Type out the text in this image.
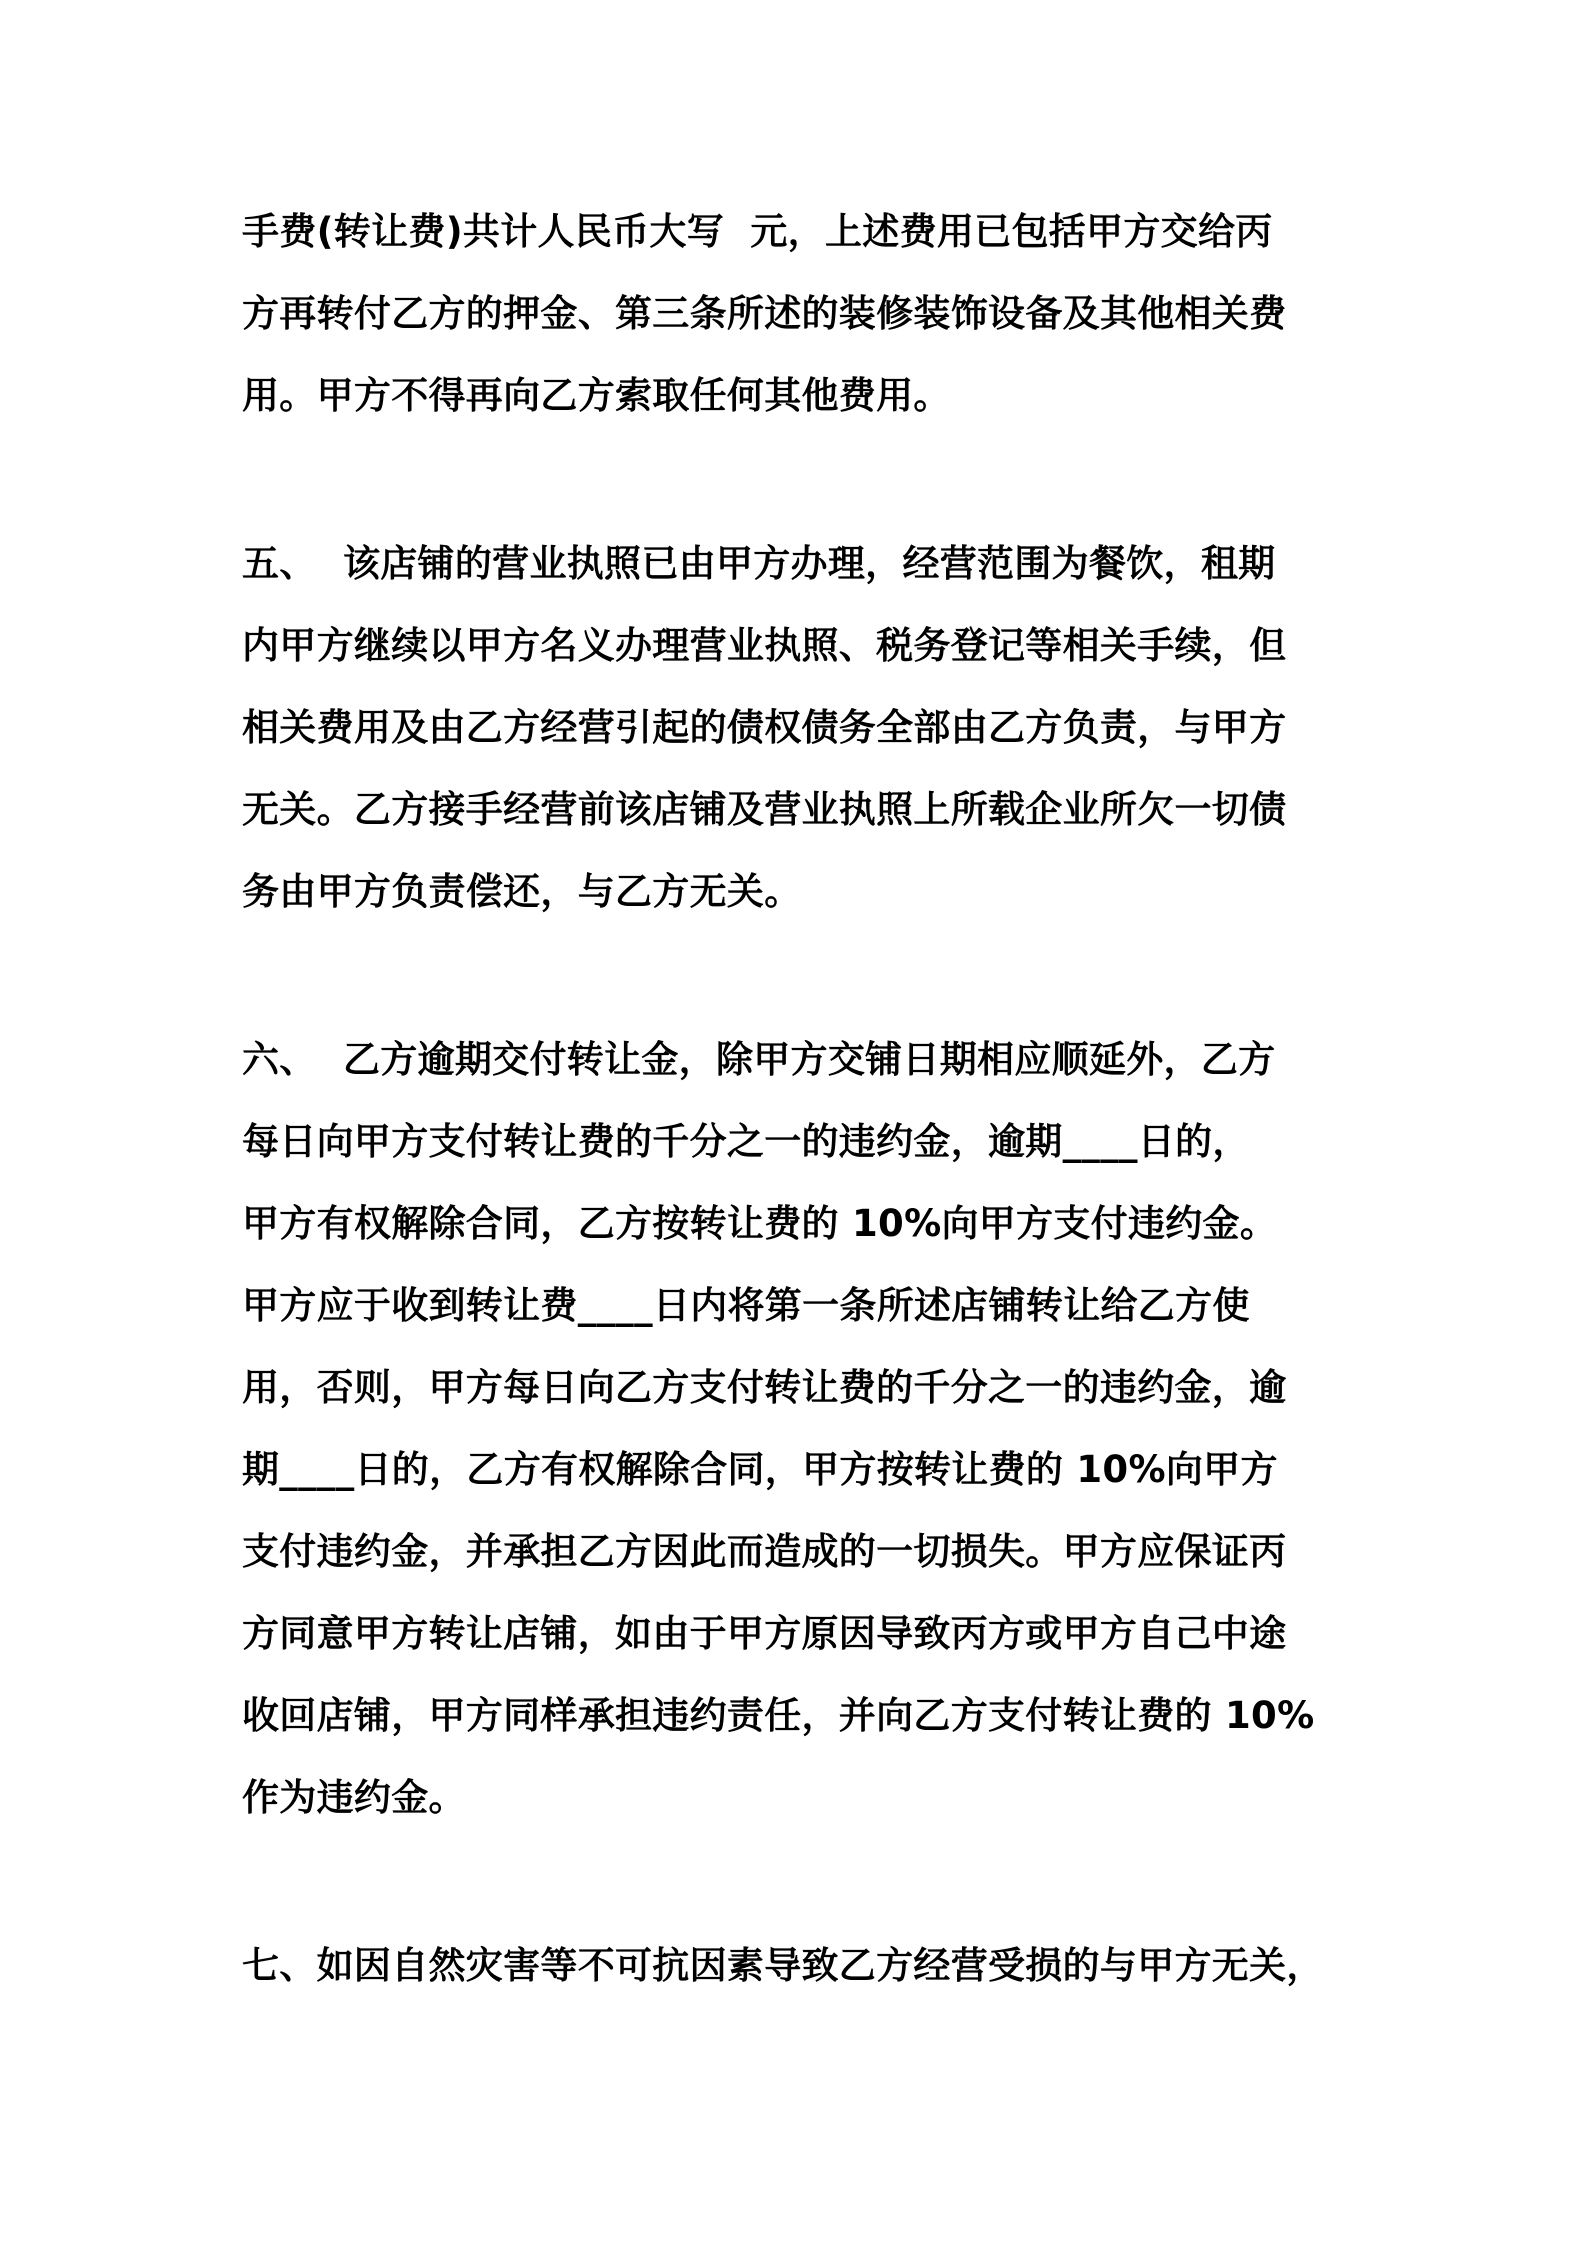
手费(转让费)共计人民币大写  元，上述费用已包括甲方交给丙

方再转付乙方的押金、第三条所述的装修装饰设备及其他相关费

用。甲方不得再向乙方索取任何其他费用。

五、  该店铺的营业执照已由甲方办理，经营范围为餐饮，租期

内甲方继续以甲方名义办理营业执照、税务登记等相关手续，但

相关费用及由乙方经营引起的债权债务全部由乙方负责，与甲方

无关。乙方接手经营前该店铺及营业执照上所载企业所欠一切债

务由甲方负责偿还，与乙方无关。

六、  乙方逾期交付转让金，除甲方交铺日期相应顺延外，乙方

每日向甲方支付转让费的千分之一的违约金，逾期____日的，

甲方有权解除合同，乙方按转让费的 10%向甲方支付违约金。

甲方应于收到转让费____日内将第一条所述店铺转让给乙方使

用，否则，甲方每日向乙方支付转让费的千分之一的违约金，逾

期____日的，乙方有权解除合同，甲方按转让费的 10%向甲方

支付违约金，并承担乙方因此而造成的一切损失。甲方应保证丙

方同意甲方转让店铺，如由于甲方原因导致丙方或甲方自己中途

收回店铺，甲方同样承担违约责任，并向乙方支付转让费的 10%

作为违约金。

七、如因自然灾害等不可抗因素导致乙方经营受损的与甲方无关，
